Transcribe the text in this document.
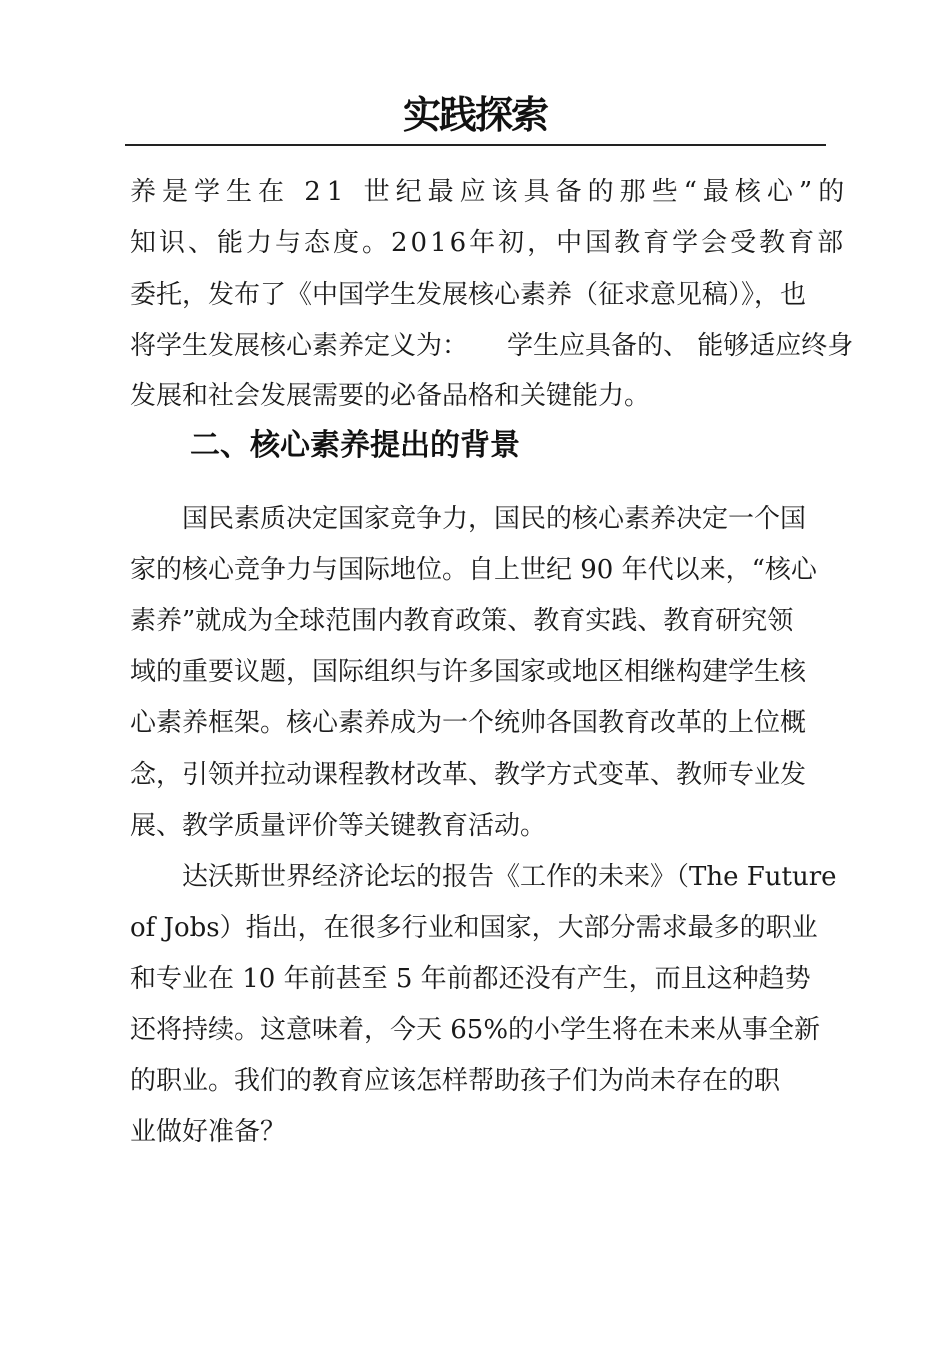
实践探索
养是学生在 21 世纪最应该具备的那些“最核心”的
知识、能力与态度。2016年初，中国教育学会受教育部
委托，发布了《中国学生发展核心素养（征求意见稿）》，也
将学生发展核心素养定义为：　　学生应具备的、 能够适应终身
发展和社会发展需要的必备品格和关键能力。
二、核心素养提出的背景
　　国民素质决定国家竞争力，国民的核心素养决定一个国
家的核心竞争力与国际地位。自上世纪 90 年代以来，“核心
素养”就成为全球范围内教育政策、教育实践、教育研究领
域的重要议题，国际组织与许多国家或地区相继构建学生核
心素养框架。核心素养成为一个统帅各国教育改革的上位概
念，引领并拉动课程教材改革、教学方式变革、教师专业发
展、教学质量评价等关键教育活动。
　　达沃斯世界经济论坛的报告《工作的未来》（The Future
of Jobs）指出，在很多行业和国家，大部分需求最多的职业
和专业在 10 年前甚至 5 年前都还没有产生，而且这种趋势
还将持续。这意味着，今天 65%的小学生将在未来从事全新
的职业。我们的教育应该怎样帮助孩子们为尚未存在的职
业做好准备？
